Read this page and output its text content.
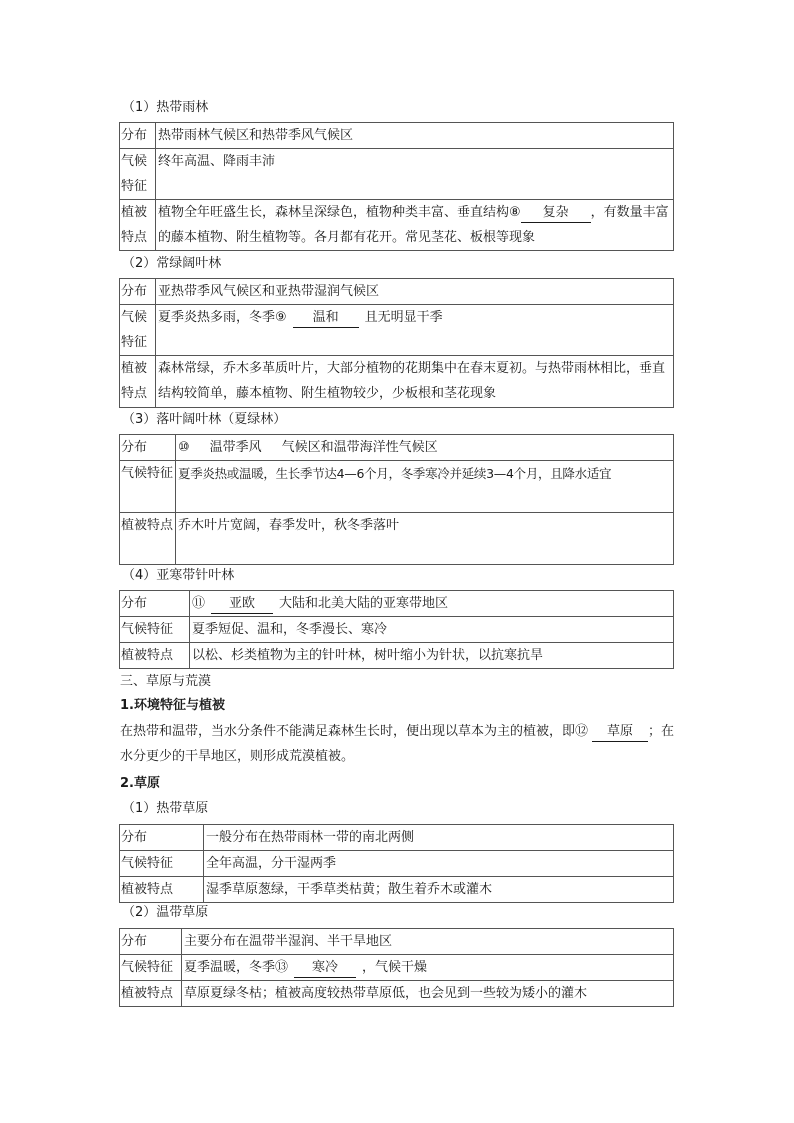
（1）热带雨林
分布	热带雨林气候区和热带季风气候区
气候特征	终年高温、降雨丰沛
植被特点	植物全年旺盛生长，森林呈深绿色，植物种类丰富、垂直结构⑧ 复杂 ，有数量丰富的藤本植物、附生植物等。各月都有花开。常见茎花、板根等现象
（2）常绿阔叶林
分布	亚热带季风气候区和亚热带湿润气候区
气候特征	夏季炎热多雨，冬季⑨ 温和 且无明显干季
植被特点	森林常绿，乔木多革质叶片，大部分植物的花期集中在春末夏初。与热带雨林相比，垂直结构较简单，藤本植物、附生植物较少，少板根和茎花现象
（3）落叶阔叶林（夏绿林）
分布	⑩ 温带季风 气候区和温带海洋性气候区
气候特征	夏季炎热或温暖，生长季节达4—6个月，冬季寒冷并延续3—4个月，且降水适宜
植被特点	乔木叶片宽阔，春季发叶，秋冬季落叶
（4）亚寒带针叶林
分布	⑪ 亚欧 大陆和北美大陆的亚寒带地区
气候特征	夏季短促、温和，冬季漫长、寒冷
植被特点	以松、杉类植物为主的针叶林，树叶缩小为针状，以抗寒抗旱
三、草原与荒漠
1.环境特征与植被
在热带和温带，当水分条件不能满足森林生长时，便出现以草本为主的植被，即⑫ 草原 ；在水分更少的干旱地区，则形成荒漠植被。
2.草原
（1）热带草原
分布	一般分布在热带雨林一带的南北两侧
气候特征	全年高温，分干湿两季
植被特点	湿季草原葱绿，干季草类枯黄；散生着乔木或灌木
（2）温带草原
分布	主要分布在温带半湿润、半干旱地区
气候特征	夏季温暖，冬季⑬ 寒冷 ，气候干燥
植被特点	草原夏绿冬枯；植被高度较热带草原低，也会见到一些较为矮小的灌木
